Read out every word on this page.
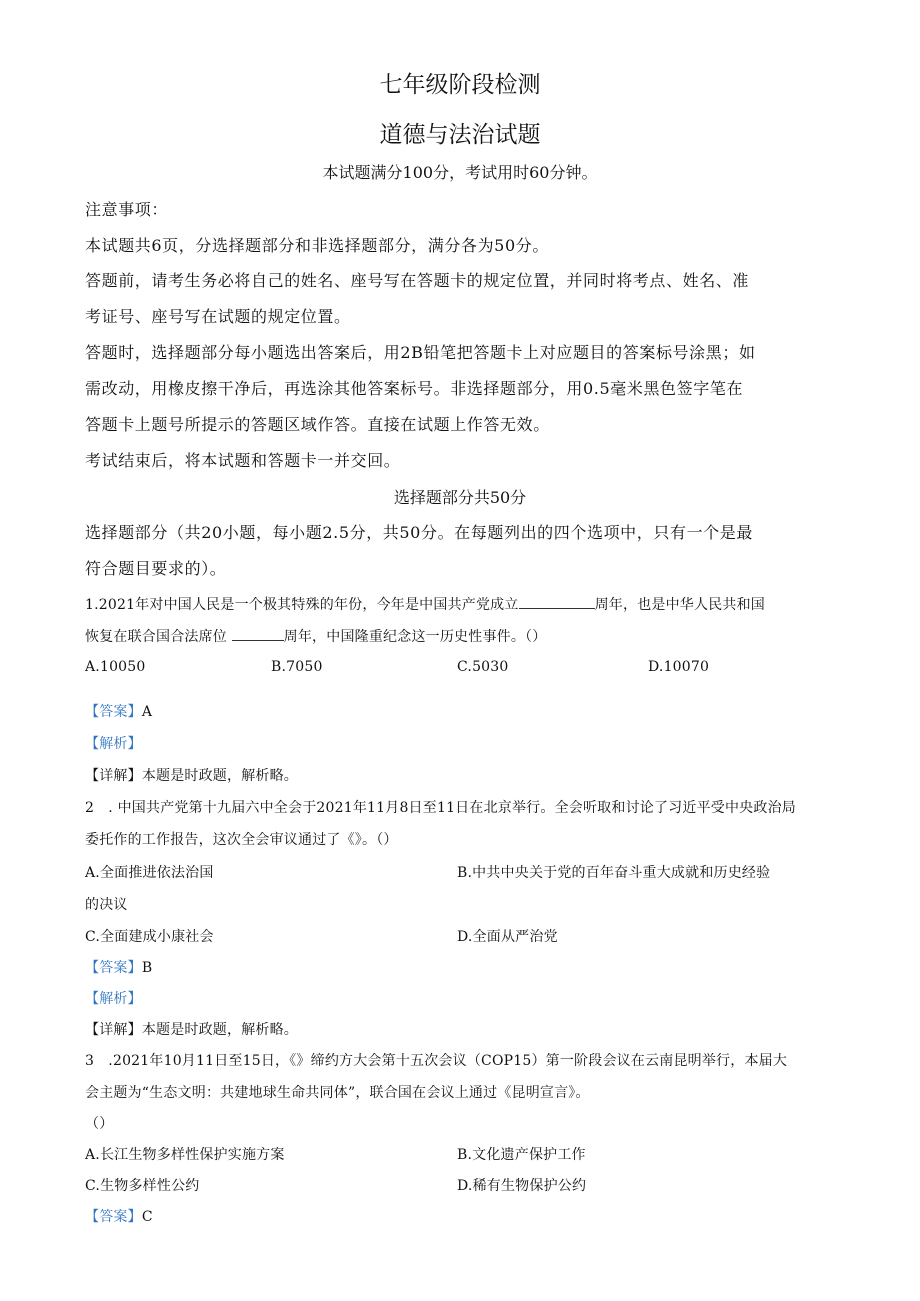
七年级阶段检测
道德与法治试题
本试题满分100分，考试用时60分钟。
注意事项：
本试题共6页，分选择题部分和非选择题部分，满分各为50分。
答题前，请考生务必将自己的姓名、座号写在答题卡的规定位置，并同时将考点、姓名、准
考证号、座号写在试题的规定位置。
答题时，选择题部分每小题选出答案后，用2B铅笔把答题卡上对应题目的答案标号涂黑；如
需改动，用橡皮擦干净后，再选涂其他答案标号。非选择题部分，用0.5毫米黑色签字笔在
答题卡上题号所提示的答题区域作答。直接在试题上作答无效。
考试结束后，将本试题和答题卡一并交回。
选择题部分共50分
选择题部分（共20小题，每小题2.5分，共50分。在每题列出的四个选项中，只有一个是最
符合题目要求的）。
1.2021年对中国人民是一个极其特殊的年份，今年是中国共产党成立	周年，也是中华人民共和国
恢复在联合国合法席位	周年，中国隆重纪念这一历史性事件。（）
A.10050	B.7050	C.5030	D.10070
【答案】A
【解析】
【详解】本题是时政题，解析略。
2　. 中国共产党第十九届六中全会于2021年11月8日至11日在北京举行。全会听取和讨论了习近平受中央政治局
委托作的工作报告，这次全会审议通过了《》。（）
A.全面推进依法治国	B.中共中央关于党的百年奋斗重大成就和历史经验
的决议
C.全面建成小康社会	D.全面从严治党
【答案】B
【解析】
【详解】本题是时政题，解析略。
3　.2021年10月11日至15日，《》缔约方大会第十五次会议（COP15）第一阶段会议在云南昆明举行，本届大
会主题为“生态文明：共建地球生命共同体”，联合国在会议上通过《昆明宣言》。
（）
A.长江生物多样性保护实施方案	B.文化遗产保护工作
C.生物多样性公约	D.稀有生物保护公约
【答案】C
